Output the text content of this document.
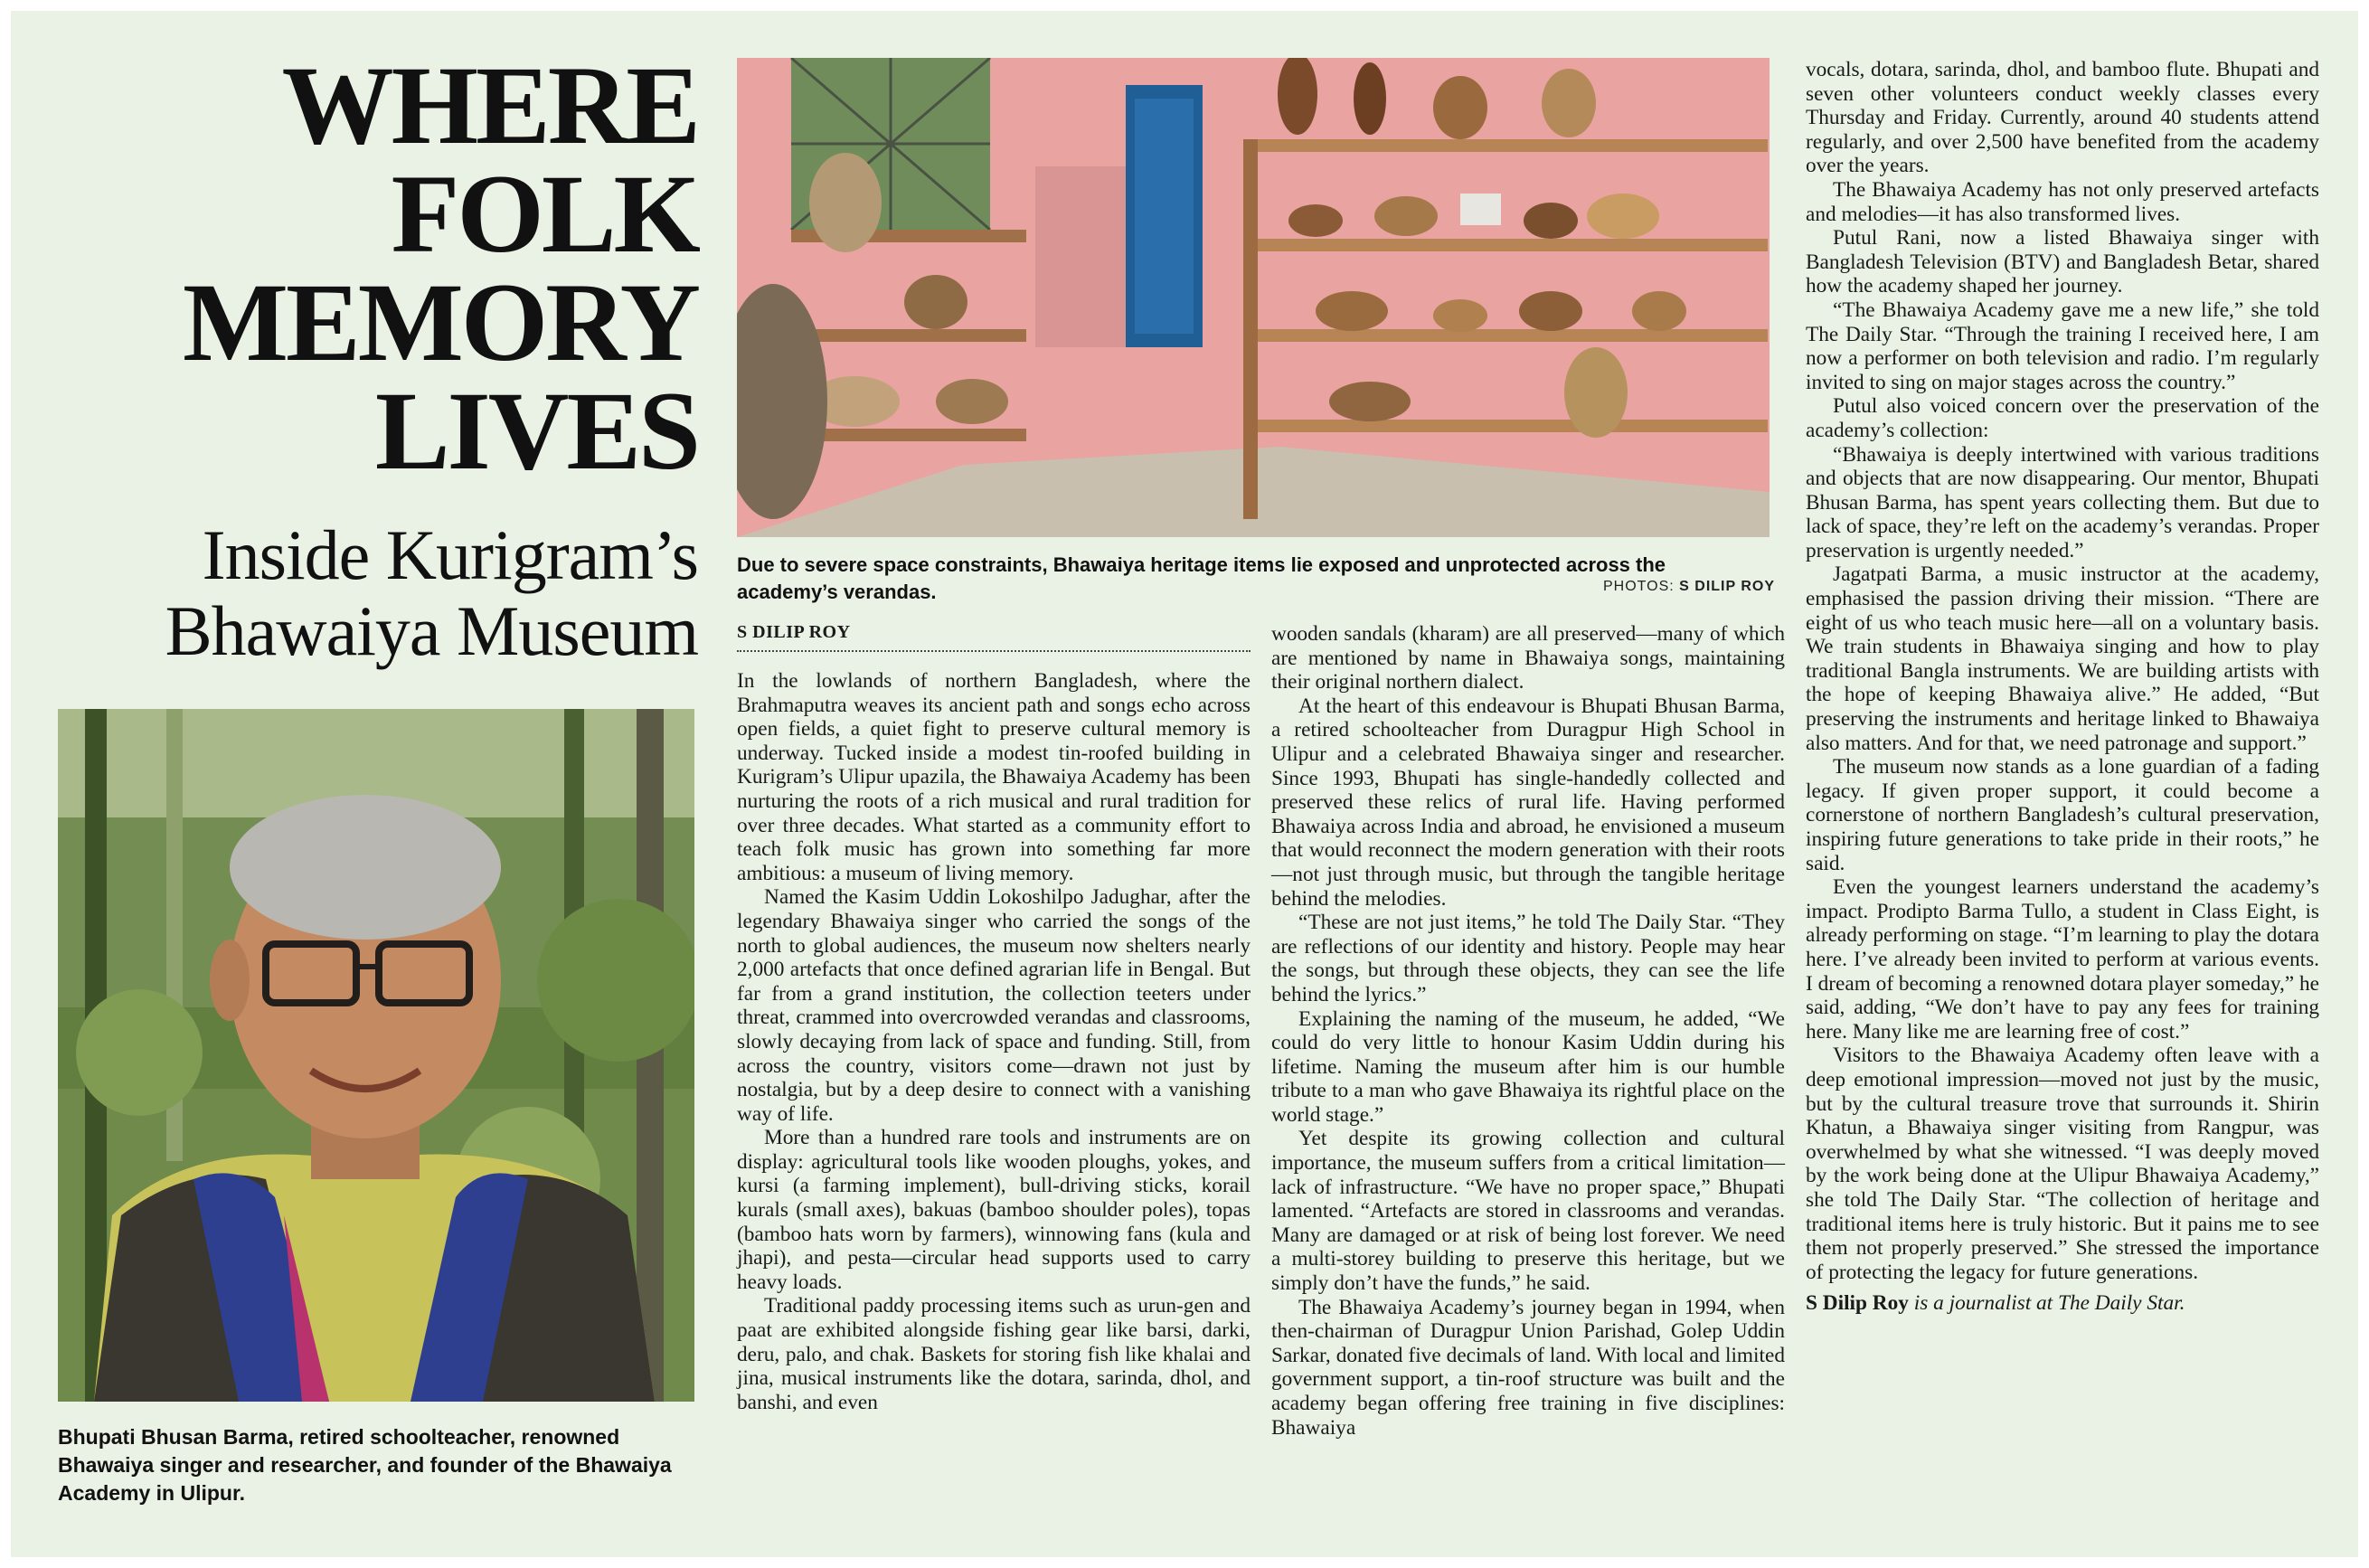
WHERE
FOLK
MEMORY
LIVES
Inside Kurigram’s
Bhawaiya Museum
Bhupati Bhusan Barma, retired schoolteacher, renowned Bhawaiya singer and researcher, and founder of the Bhawaiya Academy in Ulipur.
Due to severe space constraints, Bhawaiya heritage items lie exposed and unprotected across the academy’s verandas.	PHOTOS: S DILIP ROY
S DILIP ROY

In the lowlands of northern Bangladesh, where the Brahmaputra weaves its ancient path and songs echo across open fields, a quiet fight to preserve cultural memory is underway. Tucked inside a modest tin-roofed building in Kurigram’s Ulipur upazila, the Bhawaiya Academy has been nurturing the roots of a rich musical and rural tradition for over three decades. What started as a community effort to teach folk music has grown into something far more ambitious: a museum of living memory.

Named the Kasim Uddin Lokoshilpo Jadughar, after the legendary Bhawaiya singer who carried the songs of the north to global audiences, the museum now shelters nearly 2,000 artefacts that once defined agrarian life in Bengal. But far from a grand institution, the collection teeters under threat, crammed into overcrowded verandas and classrooms, slowly decaying from lack of space and funding. Still, from across the country, visitors come—drawn not just by nostalgia, but by a deep desire to connect with a vanishing way of life.

More than a hundred rare tools and instruments are on display: agricultural tools like wooden ploughs, yokes, and kursi (a farming implement), bull-driving sticks, korail kurals (small axes), bakuas (bamboo shoulder poles), topas (bamboo hats worn by farmers), winnowing fans (kula and jhapi), and pesta—circular head supports used to carry heavy loads.

Traditional paddy processing items such as urun-gen and paat are exhibited alongside fishing gear like barsi, darki, deru, palo, and chak. Baskets for storing fish like khalai and jina, musical instruments like the dotara, sarinda, dhol, and banshi, and even

wooden sandals (kharam) are all preserved—many of which are mentioned by name in Bhawaiya songs, maintaining their original northern dialect.

At the heart of this endeavour is Bhupati Bhusan Barma, a retired schoolteacher from Duragpur High School in Ulipur and a celebrated Bhawaiya singer and researcher. Since 1993, Bhupati has single-handedly collected and preserved these relics of rural life. Having performed Bhawaiya across India and abroad, he envisioned a museum that would reconnect the modern generation with their roots—not just through music, but through the tangible heritage behind the melodies.

“These are not just items,” he told The Daily Star. “They are reflections of our identity and history. People may hear the songs, but through these objects, they can see the life behind the lyrics.”

Explaining the naming of the museum, he added, “We could do very little to honour Kasim Uddin during his lifetime. Naming the museum after him is our humble tribute to a man who gave Bhawaiya its rightful place on the world stage.”

Yet despite its growing collection and cultural importance, the museum suffers from a critical limitation—lack of infrastructure. “We have no proper space,” Bhupati lamented. “Artefacts are stored in classrooms and verandas. Many are damaged or at risk of being lost forever. We need a multi-storey building to preserve this heritage, but we simply don’t have the funds,” he said.

The Bhawaiya Academy’s journey began in 1994, when then-chairman of Duragpur Union Parishad, Golep Uddin Sarkar, donated five decimals of land. With local and limited government support, a tin-roof structure was built and the academy began offering free training in five disciplines: Bhawaiya

vocals, dotara, sarinda, dhol, and bamboo flute. Bhupati and seven other volunteers conduct weekly classes every Thursday and Friday. Currently, around 40 students attend regularly, and over 2,500 have benefited from the academy over the years.

The Bhawaiya Academy has not only preserved artefacts and melodies—it has also transformed lives.

Putul Rani, now a listed Bhawaiya singer with Bangladesh Television (BTV) and Bangladesh Betar, shared how the academy shaped her journey.

“The Bhawaiya Academy gave me a new life,” she told The Daily Star. “Through the training I received here, I am now a performer on both television and radio. I’m regularly invited to sing on major stages across the country.”

Putul also voiced concern over the preservation of the academy’s collection:

“Bhawaiya is deeply intertwined with various traditions and objects that are now disappearing. Our mentor, Bhupati Bhusan Barma, has spent years collecting them. But due to lack of space, they’re left on the academy’s verandas. Proper preservation is urgently needed.”

Jagatpati Barma, a music instructor at the academy, emphasised the passion driving their mission. “There are eight of us who teach music here—all on a voluntary basis. We train students in Bhawaiya singing and how to play traditional Bangla instruments. We are building artists with the hope of keeping Bhawaiya alive.” He added, “But preserving the instruments and heritage linked to Bhawaiya also matters. And for that, we need patronage and support.”

The museum now stands as a lone guardian of a fading legacy. If given proper support, it could become a cornerstone of northern Bangladesh’s cultural preservation, inspiring future generations to take pride in their roots,” he said.

Even the youngest learners understand the academy’s impact. Prodipto Barma Tullo, a student in Class Eight, is already performing on stage. “I’m learning to play the dotara here. I’ve already been invited to perform at various events. I dream of becoming a renowned dotara player someday,” he said, adding, “We don’t have to pay any fees for training here. Many like me are learning free of cost.”

Visitors to the Bhawaiya Academy often leave with a deep emotional impression—moved not just by the music, but by the cultural treasure trove that surrounds it. Shirin Khatun, a Bhawaiya singer visiting from Rangpur, was overwhelmed by what she witnessed. “I was deeply moved by the work being done at the Ulipur Bhawaiya Academy,” she told The Daily Star. “The collection of heritage and traditional items here is truly historic. But it pains me to see them not properly preserved.” She stressed the importance of protecting the legacy for future generations.

S Dilip Roy is a journalist at The Daily Star.
